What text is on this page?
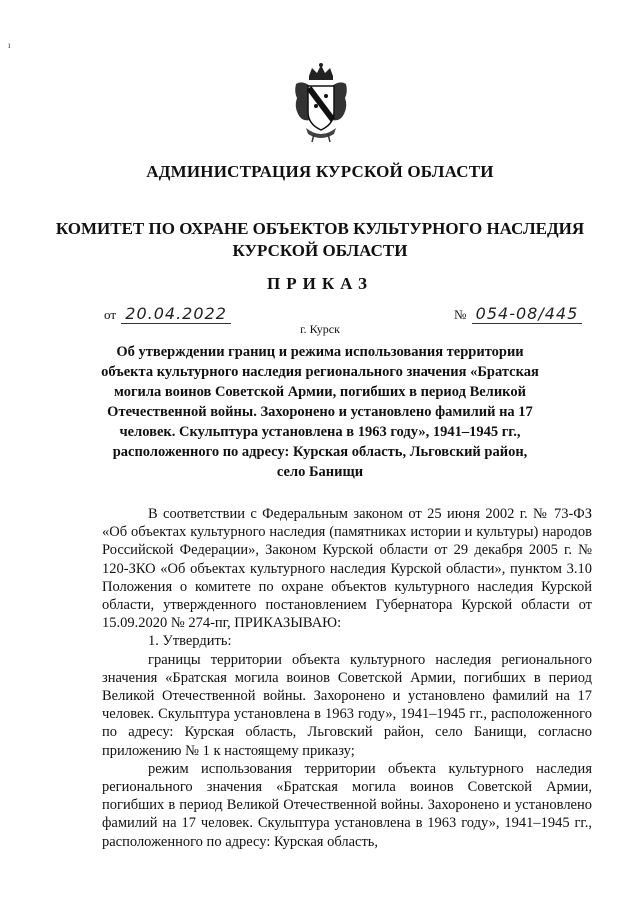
ı
АДМИНИСТРАЦИЯ КУРСКОЙ ОБЛАСТИ
КОМИТЕТ ПО ОХРАНЕ ОБЪЕКТОВ КУЛЬТУРНОГО НАСЛЕДИЯ
КУРСКОЙ ОБЛАСТИ
ПРИКАЗ
от 20.04.2022	№ 054-08/445
г. Курск
Об утверждении границ и режима использования территории объекта культурного наследия регионального значения «Братская могила воинов Советской Армии, погибших в период Великой Отечественной войны. Захоронено и установлено фамилий на 17 человек. Скульптура установлена в 1963 году», 1941–1945 гг., расположенного по адресу: Курская область, Льговский район, село Банищи

В соответствии с Федеральным законом от 25 июня 2002 г. № 73-ФЗ «Об объектах культурного наследия (памятниках истории и культуры) народов Российской Федерации», Законом Курской области от 29 декабря 2005 г. № 120-ЗКО «Об объектах культурного наследия Курской области», пунктом 3.10 Положения о комитете по охране объектов культурного наследия Курской области, утвержденного постановлением Губернатора Курской области от 15.09.2020 № 274-пг, ПРИКАЗЫВАЮ:

1. Утвердить:

границы территории объекта культурного наследия регионального значения «Братская могила воинов Советской Армии, погибших в период Великой Отечественной войны. Захоронено и установлено фамилий на 17 человек. Скульптура установлена в 1963 году», 1941–1945 гг., расположенного по адресу: Курская область, Льговский район, село Банищи, согласно приложению № 1 к настоящему приказу;

режим использования территории объекта культурного наследия регионального значения «Братская могила воинов Советской Армии, погибших в период Великой Отечественной войны. Захоронено и установлено фамилий на 17 человек. Скульптура установлена в 1963 году», 1941–1945 гг., расположенного по адресу: Курская область,
